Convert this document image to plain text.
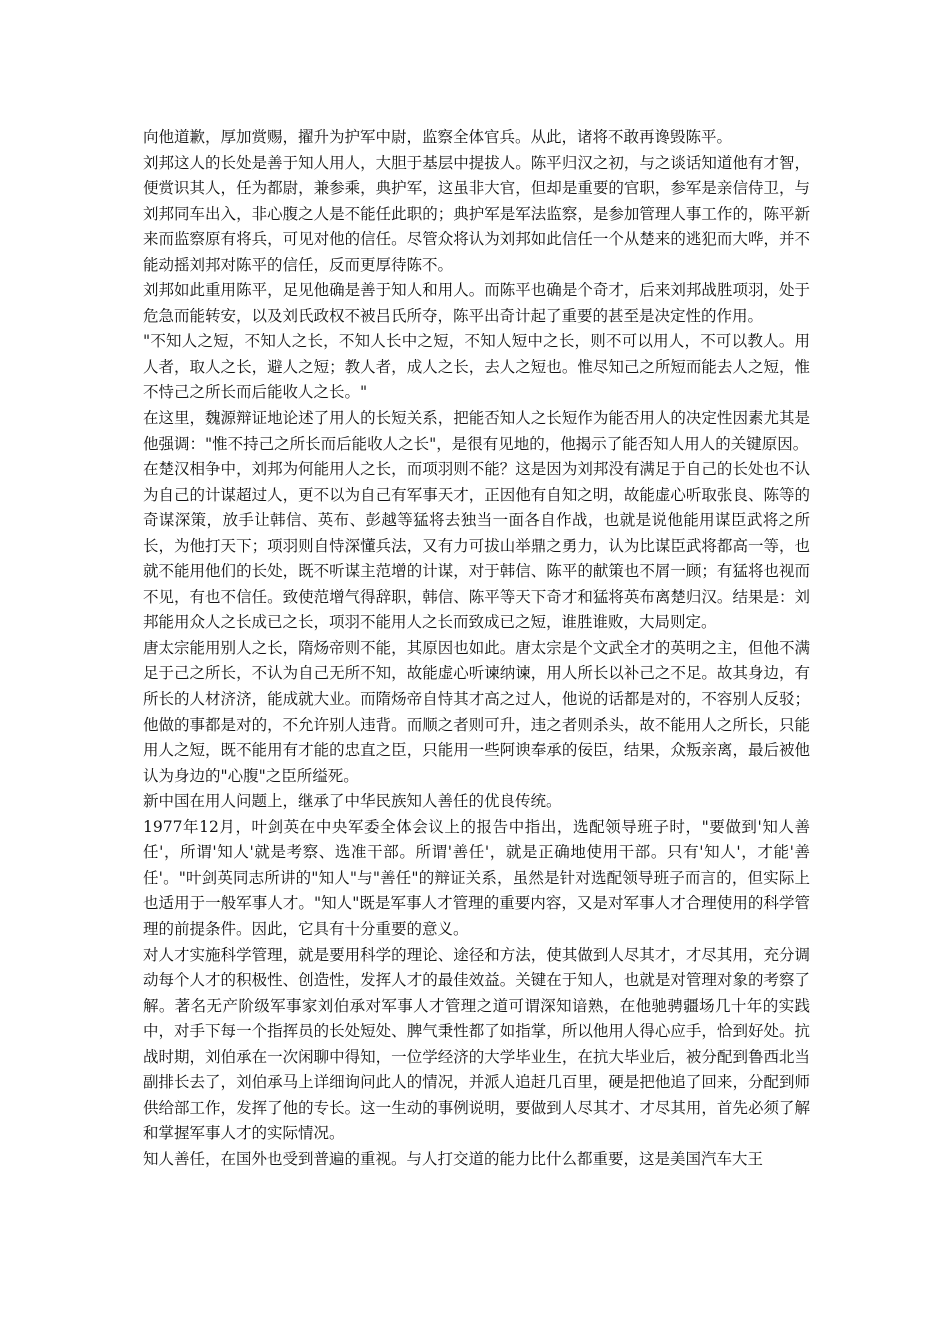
向他道歉，厚加赏赐，擢升为护军中尉，监察全体官兵。从此，诸将不敢再谗毁陈平。

刘邦这人的长处是善于知人用人，大胆于基层中提拔人。陈平归汉之初，与之谈话知道他有才智，便赏识其人，任为都尉，兼参乘，典护军，这虽非大官，但却是重要的官职，参军是亲信侍卫，与刘邦同车出入，非心腹之人是不能任此职的；典护军是军法监察，是参加管理人事工作的，陈平新来而监察原有将兵，可见对他的信任。尽管众将认为刘邦如此信任一个从楚来的逃犯而大哗，并不能动摇刘邦对陈平的信任，反而更厚待陈不。

刘邦如此重用陈平，足见他确是善于知人和用人。而陈平也确是个奇才，后来刘邦战胜项羽，处于危急而能转安，以及刘氏政权不被吕氏所夺，陈平出奇计起了重要的甚至是决定性的作用。

"不知人之短，不知人之长，不知人长中之短，不知人短中之长，则不可以用人，不可以教人。用人者，取人之长，避人之短；教人者，成人之长，去人之短也。惟尽知己之所短而能去人之短，惟不恃己之所长而后能收人之长。"

在这里，魏源辩证地论述了用人的长短关系，把能否知人之长短作为能否用人的决定性因素尤其是他强调："惟不持己之所长而后能收人之长"，是很有见地的，他揭示了能否知人用人的关键原因。

在楚汉相争中，刘邦为何能用人之长，而项羽则不能？这是因为刘邦没有满足于自己的长处也不认为自己的计谋超过人，更不以为自己有军事天才，正因他有自知之明，故能虚心听取张良、陈等的奇谋深策，放手让韩信、英布、彭越等猛将去独当一面各自作战，也就是说他能用谋臣武将之所长，为他打天下；项羽则自恃深懂兵法，又有力可拔山举鼎之勇力，认为比谋臣武将都高一等，也就不能用他们的长处，既不听谋主范增的计谋，对于韩信、陈平的献策也不屑一顾；有猛将也视而不见，有也不信任。致使范增气得辞职，韩信、陈平等天下奇才和猛将英布离楚归汉。结果是：刘邦能用众人之长成已之长，项羽不能用人之长而致成已之短，谁胜谁败，大局则定。

唐太宗能用别人之长，隋炀帝则不能，其原因也如此。唐太宗是个文武全才的英明之主，但他不满足于己之所长，不认为自己无所不知，故能虚心听谏纳谏，用人所长以补己之不足。故其身边，有所长的人材济济，能成就大业。而隋炀帝自恃其才高之过人，他说的话都是对的，不容别人反驳；他做的事都是对的，不允许别人违背。而顺之者则可升，违之者则杀头，故不能用人之所长，只能用人之短，既不能用有才能的忠直之臣，只能用一些阿谀奉承的佞臣，结果，众叛亲离，最后被他认为身边的"心腹"之臣所缢死。

新中国在用人问题上，继承了中华民族知人善任的优良传统。

1977年12月，叶剑英在中央军委全体会议上的报告中指出，选配领导班子时，"要做到'知人善任'，所谓'知人'就是考察、选准干部。所谓'善任'，就是正确地使用干部。只有'知人'，才能'善任'。"叶剑英同志所讲的"知人"与"善任"的辩证关系，虽然是针对选配领导班子而言的，但实际上也适用于一般军事人才。"知人"既是军事人才管理的重要内容，又是对军事人才合理使用的科学管理的前提条件。因此，它具有十分重要的意义。

对人才实施科学管理，就是要用科学的理论、途径和方法，使其做到人尽其才，才尽其用，充分调动每个人才的积极性、创造性，发挥人才的最佳效益。关键在于知人，也就是对管理对象的考察了解。著名无产阶级军事家刘伯承对军事人才管理之道可谓深知谙熟，在他驰骋疆场几十年的实践中，对手下每一个指挥员的长处短处、脾气秉性都了如指掌，所以他用人得心应手，恰到好处。抗战时期，刘伯承在一次闲聊中得知，一位学经济的大学毕业生，在抗大毕业后，被分配到鲁西北当副排长去了，刘伯承马上详细询问此人的情况，并派人追赶几百里，硬是把他追了回来，分配到师供给部工作，发挥了他的专长。这一生动的事例说明，要做到人尽其才、才尽其用，首先必须了解和掌握军事人才的实际情况。

知人善任，在国外也受到普遍的重视。与人打交道的能力比什么都重要，这是美国汽车大王
